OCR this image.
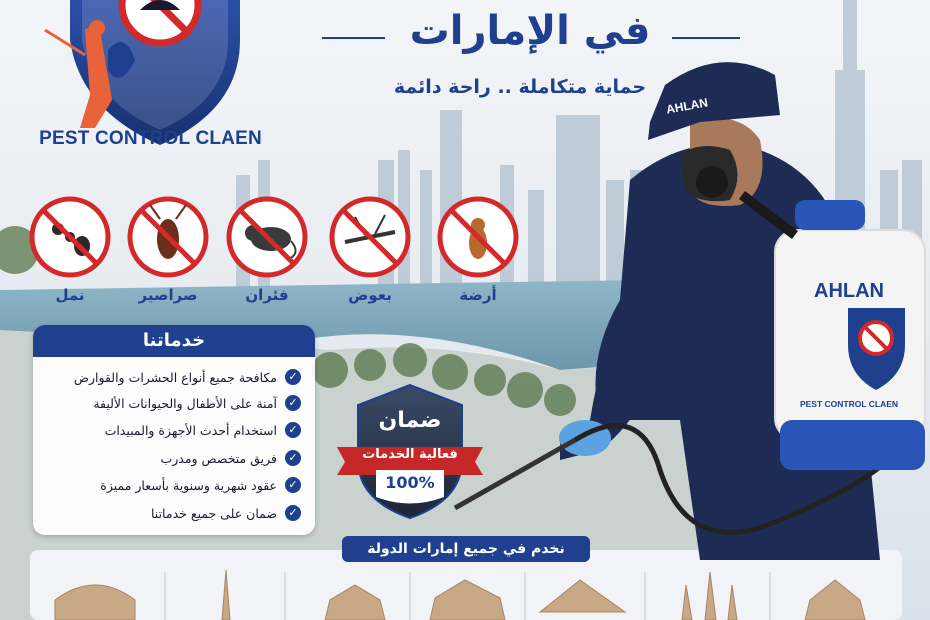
في الإمارات
حماية متكاملة .. راحة دائمة
PEST CONTROL CLAEN
أرضة
بعوض
فئران
صراصير
نمل
خدماتنا
✓
مكافحة جميع أنواع الحشرات والقوارض
✓
آمنة على الأطفال والحيوانات الأليفة
✓
استخدام أحدث الأجهزة والمبيدات
✓
فريق متخصص ومدرب
✓
عقود شهرية وسنوية بأسعار مميزة
✓
ضمان على جميع خدماتنا
ضمان
فعالية الخدمات
100%
نخدم في جميع إمارات الدولة
AHLAN
AHLAN
PEST CONTROL CLAEN
